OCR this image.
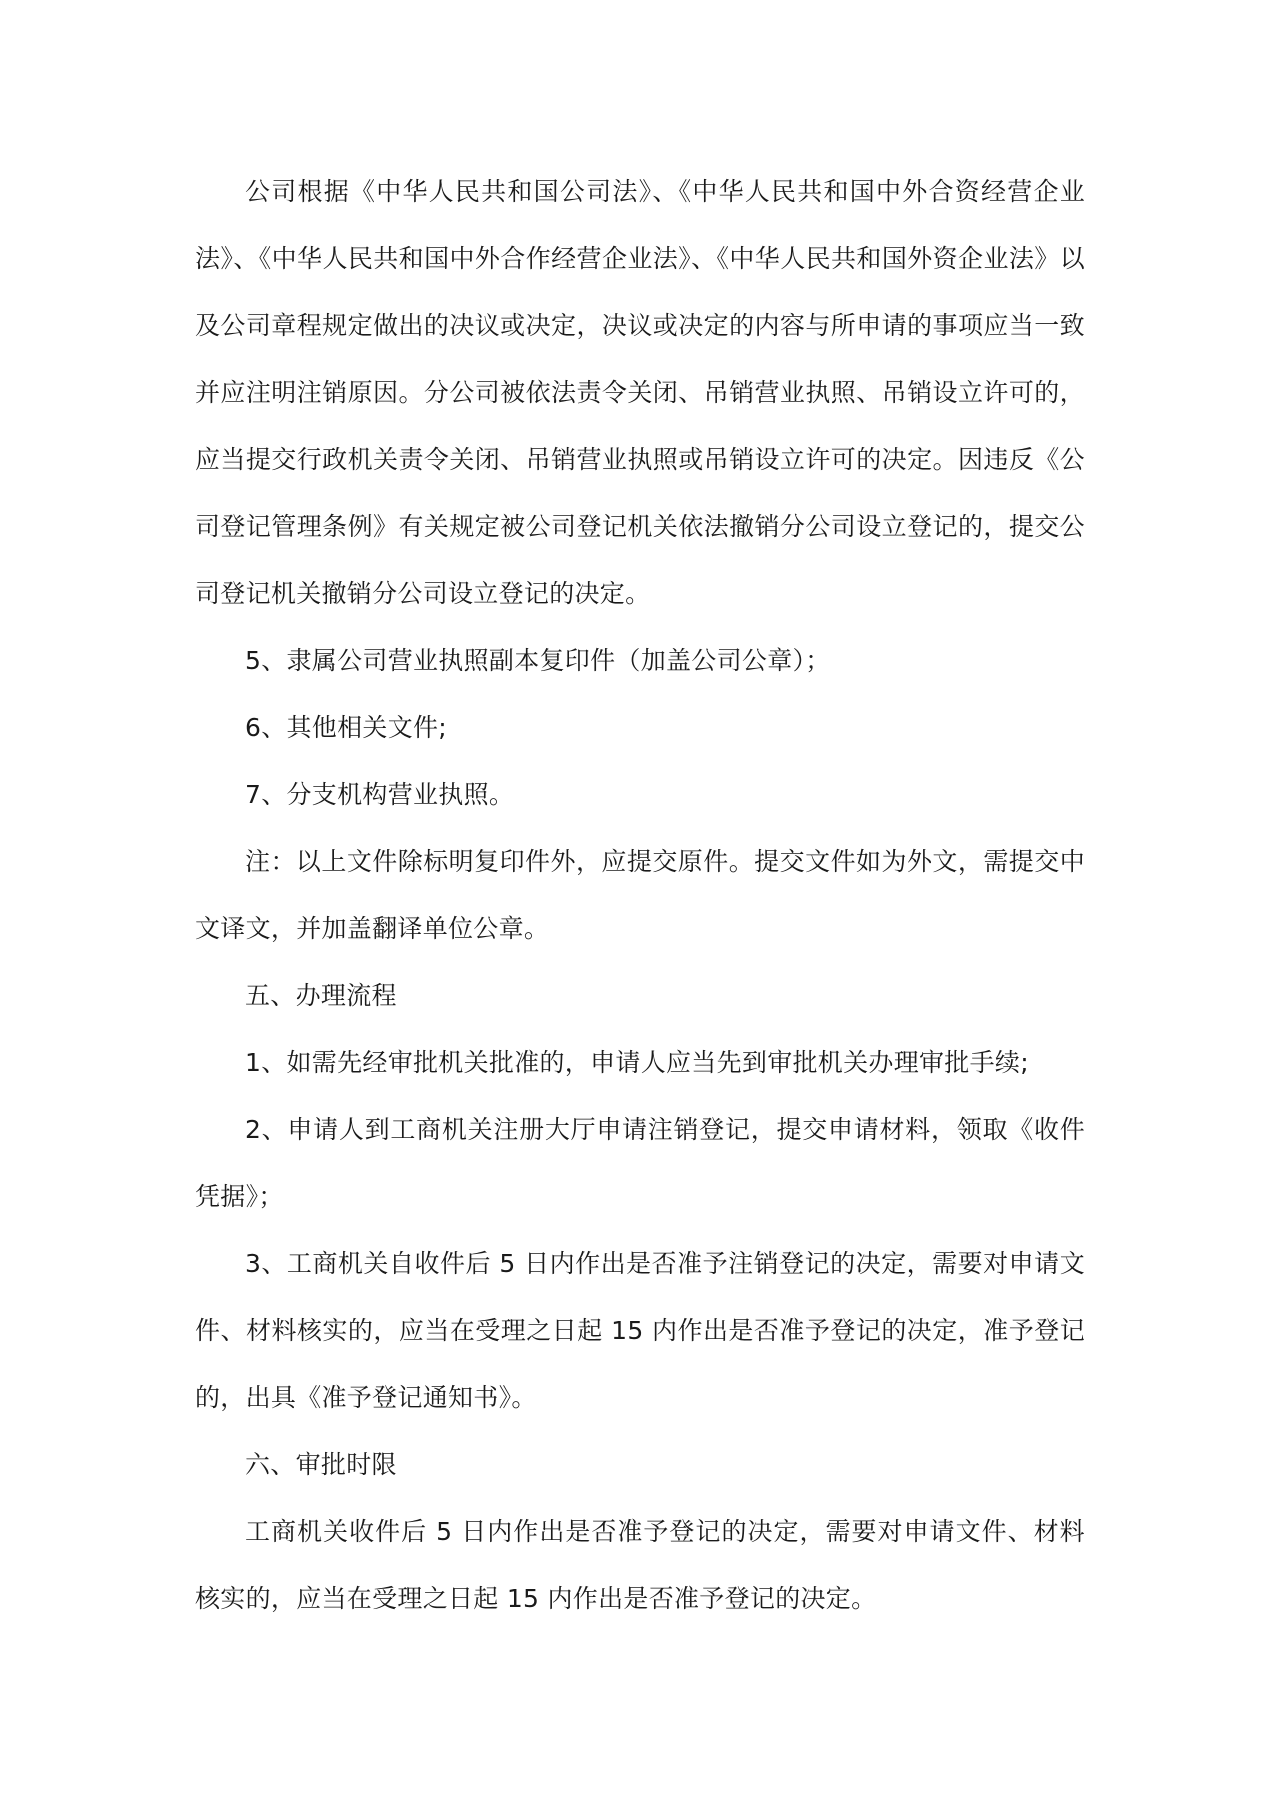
公司根据《中华人民共和国公司法》、《中华人民共和国中外合资经营企业法》、《中华人民共和国中外合作经营企业法》、《中华人民共和国外资企业法》以及公司章程规定做出的决议或决定，决议或决定的内容与所申请的事项应当一致并应注明注销原因。分公司被依法责令关闭、吊销营业执照、吊销设立许可的，应当提交行政机关责令关闭、吊销营业执照或吊销设立许可的决定。因违反《公司登记管理条例》有关规定被公司登记机关依法撤销分公司设立登记的，提交公司登记机关撤销分公司设立登记的决定。

5、隶属公司营业执照副本复印件（加盖公司公章）；

6、其他相关文件;

7、分支机构营业执照。

注：以上文件除标明复印件外，应提交原件。提交文件如为外文，需提交中文译文，并加盖翻译单位公章。

五、办理流程

1、如需先经审批机关批准的，申请人应当先到审批机关办理审批手续;

2、申请人到工商机关注册大厅申请注销登记，提交申请材料，领取《收件凭据》；

3、工商机关自收件后 5 日内作出是否准予注销登记的决定，需要对申请文件、材料核实的，应当在受理之日起 15 内作出是否准予登记的决定，准予登记的，出具《准予登记通知书》。

六、审批时限

工商机关收件后 5 日内作出是否准予登记的决定，需要对申请文件、材料核实的，应当在受理之日起 15 内作出是否准予登记的决定。
